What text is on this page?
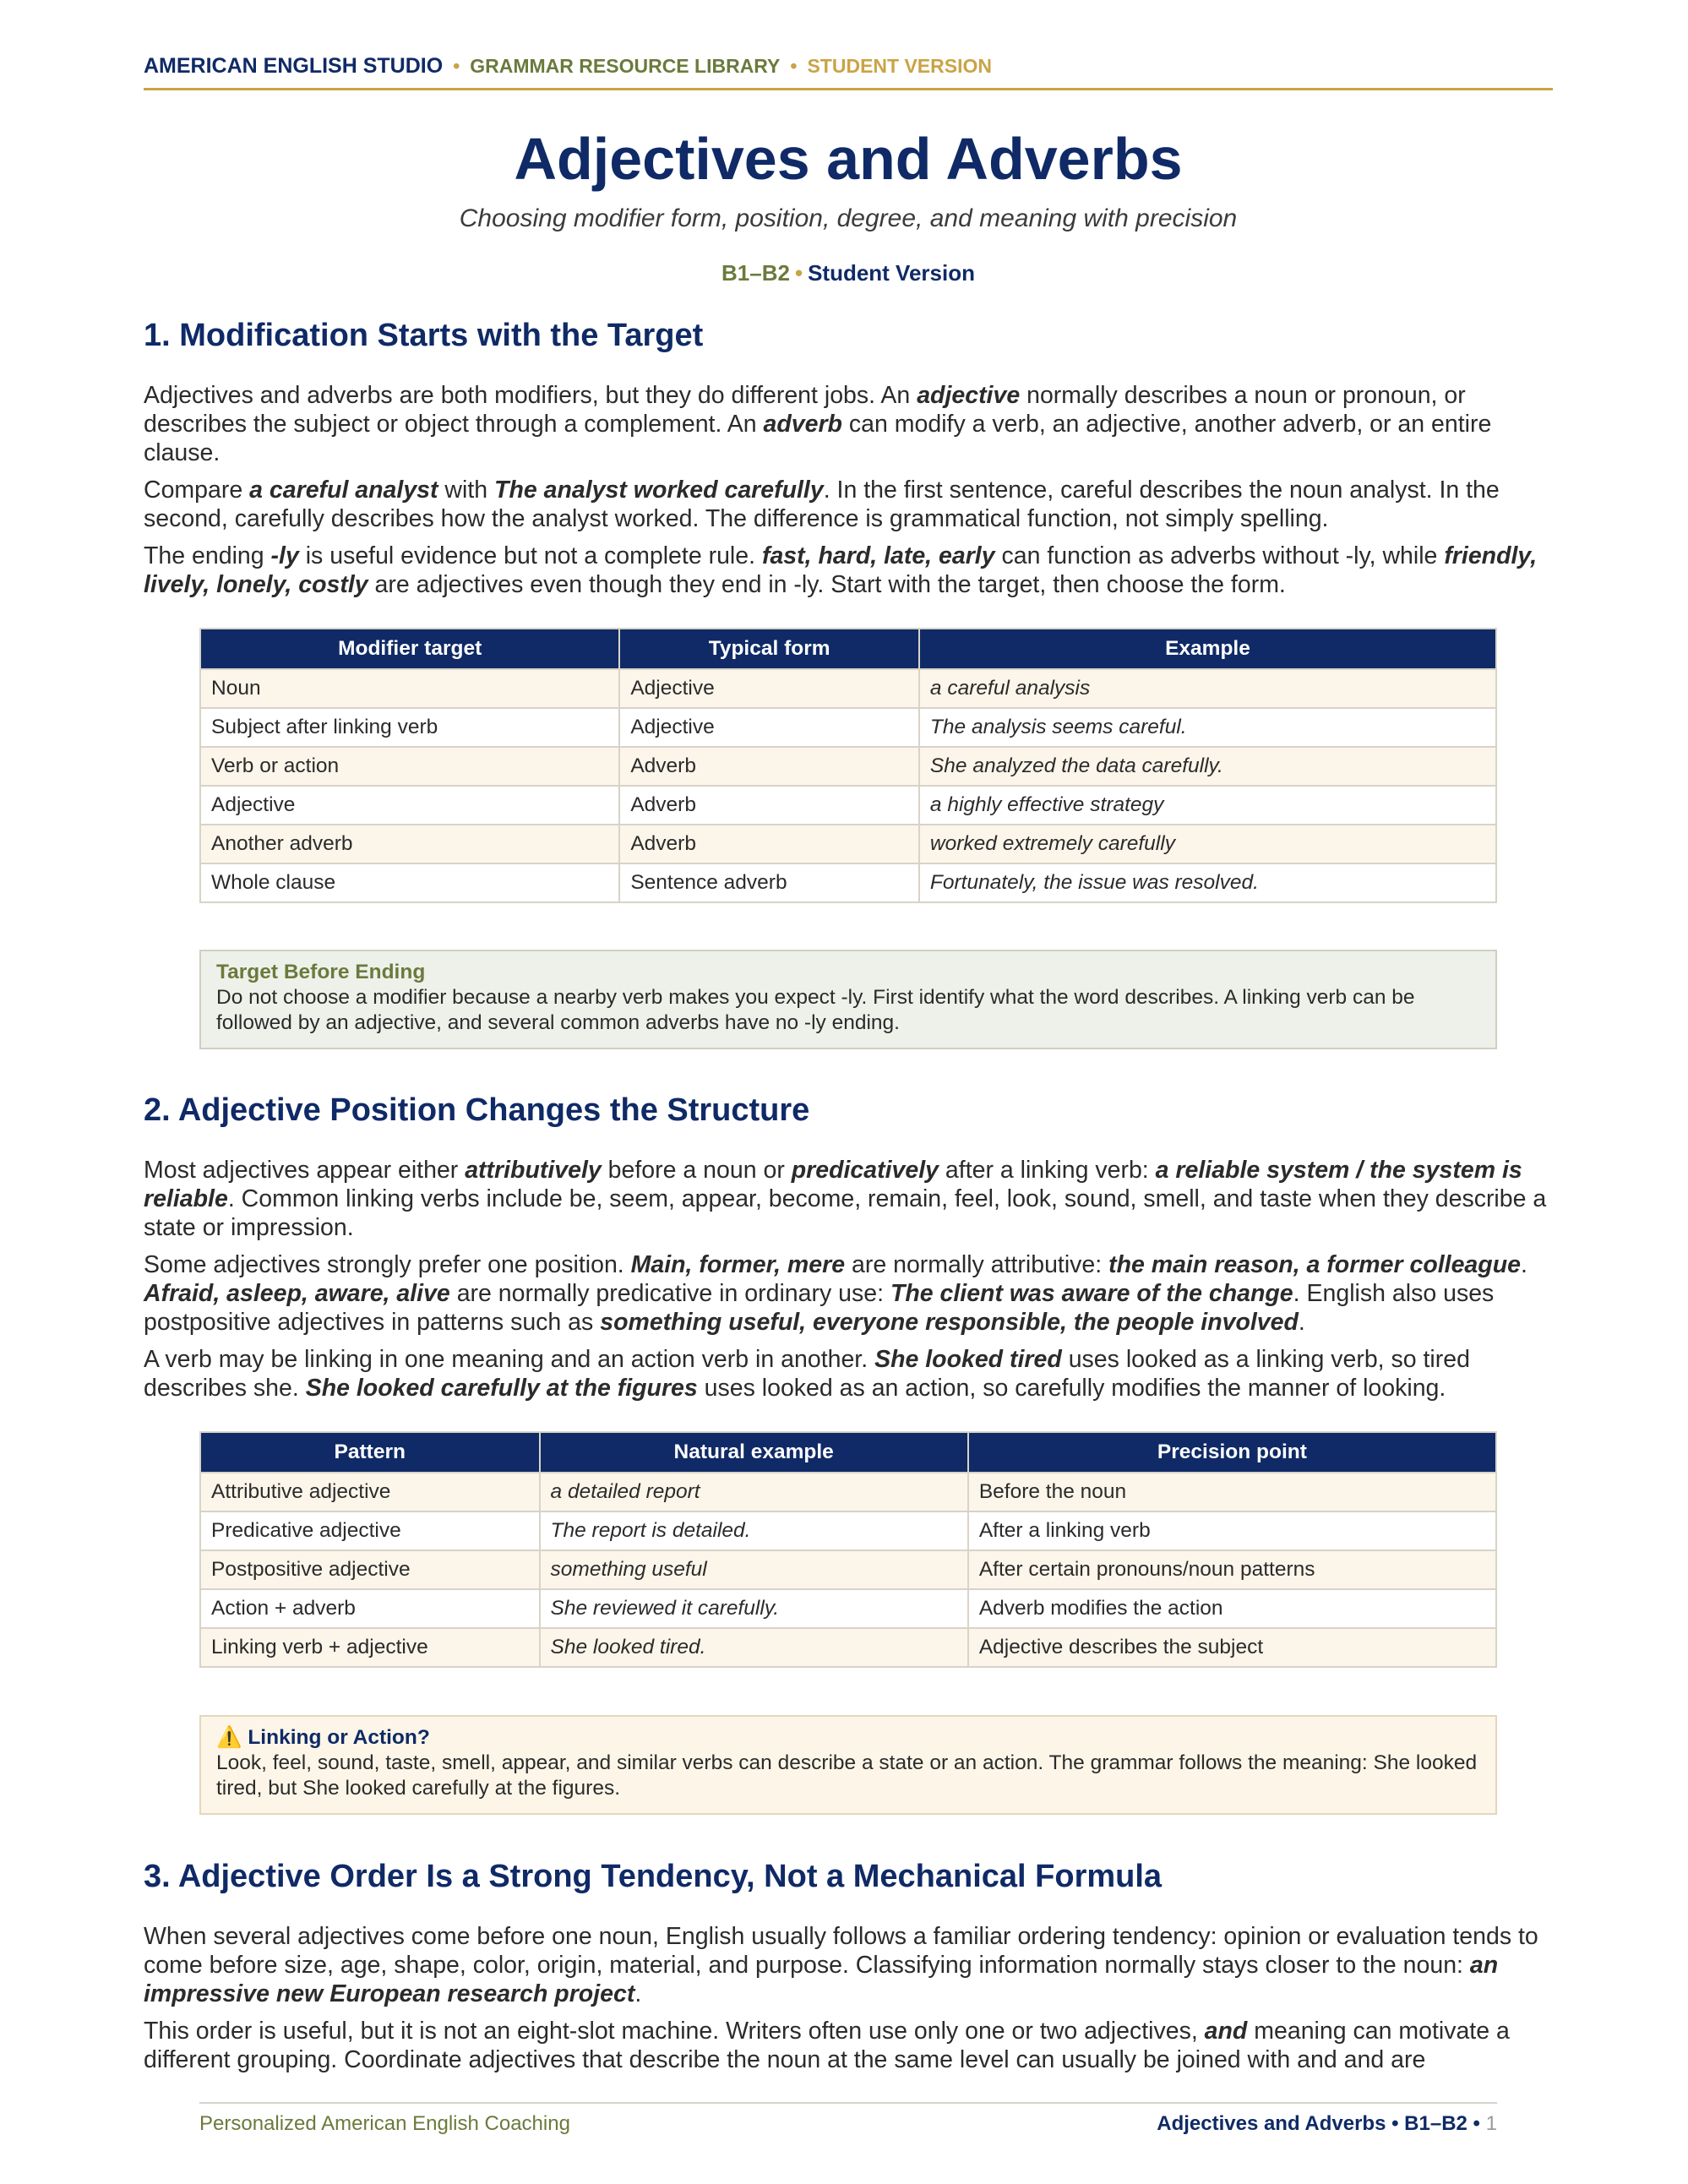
AMERICAN ENGLISH STUDIO • GRAMMAR RESOURCE LIBRARY • STUDENT VERSION
Adjectives and Adverbs
Choosing modifier form, position, degree, and meaning with precision
B1–B2 • Student Version
1. Modification Starts with the Target

Adjectives and adverbs are both modifiers, but they do different jobs. An adjective normally describes a noun or pronoun, or describes the subject or object through a complement. An adverb can modify a verb, an adjective, another adverb, or an entire clause.

Compare a careful analyst with The analyst worked carefully. In the first sentence, careful describes the noun analyst. In the second, carefully describes how the analyst worked. The difference is grammatical function, not simply spelling.

The ending -ly is useful evidence but not a complete rule. fast, hard, late, early can function as adverbs without -ly, while friendly, lively, lonely, costly are adjectives even though they end in -ly. Start with the target, then choose the form.

Modifier target	Typical form	Example
Noun	Adjective	a careful analysis
Subject after linking verb	Adjective	The analysis seems careful.
Verb or action	Adverb	She analyzed the data carefully.
Adjective	Adverb	a highly effective strategy
Another adverb	Adverb	worked extremely carefully
Whole clause	Sentence adverb	Fortunately, the issue was resolved.
Target Before Ending
Do not choose a modifier because a nearby verb makes you expect -ly. First identify what the word describes. A linking verb can be followed by an adjective, and several common adverbs have no -ly ending.
2. Adjective Position Changes the Structure

Most adjectives appear either attributively before a noun or predicatively after a linking verb: a reliable system / the system is reliable. Common linking verbs include be, seem, appear, become, remain, feel, look, sound, smell, and taste when they describe a state or impression.

Some adjectives strongly prefer one position. Main, former, mere are normally attributive: the main reason, a former colleague. Afraid, asleep, aware, alive are normally predicative in ordinary use: The client was aware of the change. English also uses postpositive adjectives in patterns such as something useful, everyone responsible, the people involved.

A verb may be linking in one meaning and an action verb in another. She looked tired uses looked as a linking verb, so tired describes she. She looked carefully at the figures uses looked as an action, so carefully modifies the manner of looking.

Pattern	Natural example	Precision point
Attributive adjective	a detailed report	Before the noun
Predicative adjective	The report is detailed.	After a linking verb
Postpositive adjective	something useful	After certain pronouns/noun patterns
Action + adverb	She reviewed it carefully.	Adverb modifies the action
Linking verb + adjective	She looked tired.	Adjective describes the subject
⚠️ Linking or Action?
Look, feel, sound, taste, smell, appear, and similar verbs can describe a state or an action. The grammar follows the meaning: She looked tired, but She looked carefully at the figures.
3. Adjective Order Is a Strong Tendency, Not a Mechanical Formula

When several adjectives come before one noun, English usually follows a familiar ordering tendency: opinion or evaluation tends to come before size, age, shape, color, origin, material, and purpose. Classifying information normally stays closer to the noun: an impressive new European research project.

This order is useful, but it is not an eight-slot machine. Writers often use only one or two adjectives, and meaning can motivate a different grouping. Coordinate adjectives that describe the noun at the same level can usually be joined with and and are

Personalized American English Coaching	Adjectives and Adverbs • B1–B2 • 1
